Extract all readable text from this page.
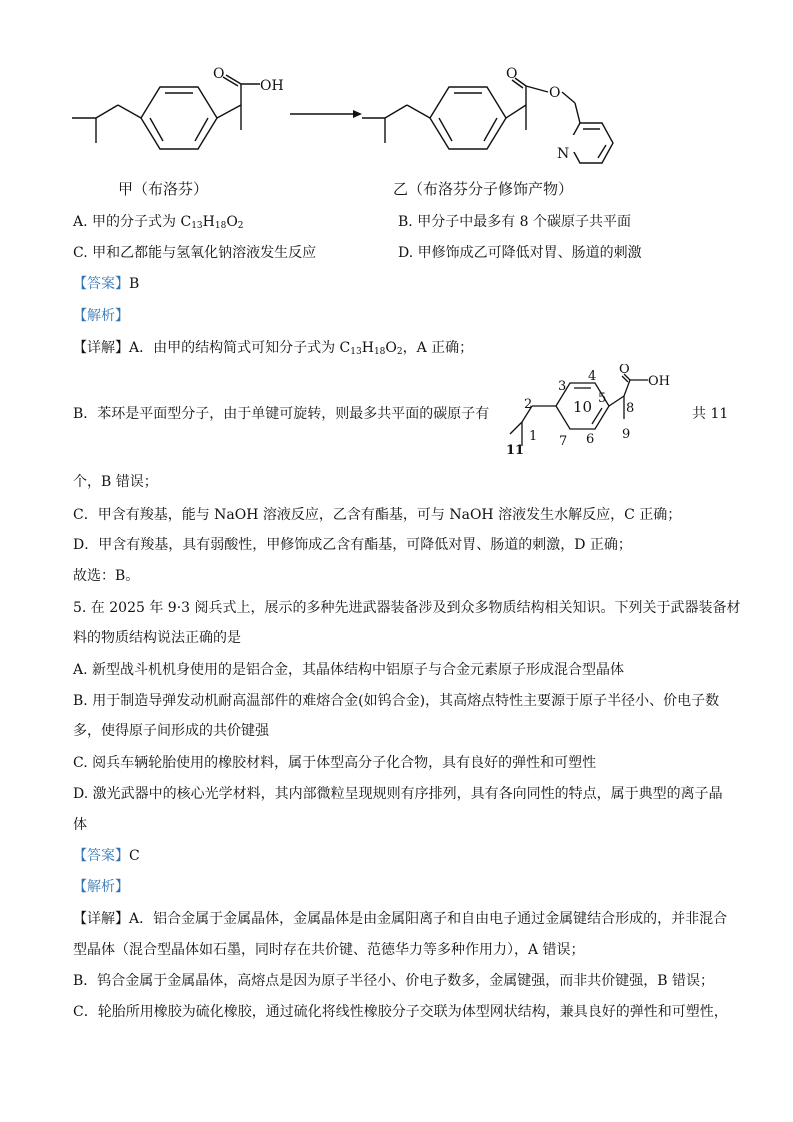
O
OH
O
O
N
甲（布洛芬）	乙（布洛芬分子修饰产物）
A. 甲的分子式为 $C_{13}H_{18}O_2$	B. 甲分子中最多有 8 个碳原子共平面
C. 甲和乙都能与氢氧化钠溶液发生反应	D. 甲修饰成乙可降低对胃、肠道的刺激
【答案】B
【解析】
【详解】A．由甲的结构简式可知分子式为 $C_{13}H_{18}O_2$，A 正确；
B．苯环是平面型分子，由于单键可旋转，则最多共平面的碳原子有
11
1
2
3
4
10 5
7 6
8
9
O
OH
共 11
个，B 错误；
C．甲含有羧基，能与 NaOH 溶液反应，乙含有酯基，可与 NaOH 溶液发生水解反应，C 正确；
D．甲含有羧基，具有弱酸性，甲修饰成乙含有酯基，可降低对胃、肠道的刺激，D 正确；
故选：B。
5. 在 2025 年 9·3 阅兵式上，展示的多种先进武器装备涉及到众多物质结构相关知识。下列关于武器装备材
料的物质结构说法正确的是
A. 新型战斗机机身使用的是铝合金，其晶体结构中铝原子与合金元素原子形成混合型晶体
B. 用于制造导弹发动机耐高温部件的难熔合金(如钨合金)，其高熔点特性主要源于原子半径小、价电子数
多，使得原子间形成的共价键强
C. 阅兵车辆轮胎使用的橡胶材料，属于体型高分子化合物，具有良好的弹性和可塑性
D. 激光武器中的核心光学材料，其内部微粒呈现规则有序排列，具有各向同性的特点，属于典型的离子晶
体
【答案】C
【解析】
【详解】A．铝合金属于金属晶体，金属晶体是由金属阳离子和自由电子通过金属键结合形成的，并非混合
型晶体（混合型晶体如石墨，同时存在共价键、范德华力等多种作用力），A 错误；
B．钨合金属于金属晶体，高熔点是因为原子半径小、价电子数多，金属键强，而非共价键强，B 错误；
C．轮胎所用橡胶为硫化橡胶，通过硫化将线性橡胶分子交联为体型网状结构，兼具良好的弹性和可塑性，
